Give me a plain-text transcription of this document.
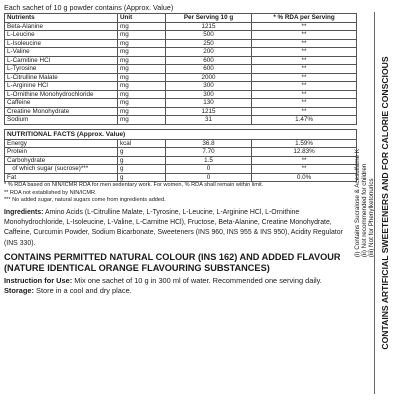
Each sachet of 10 g powder contains (Approx. Value)
Nutrients	Unit	Per Serving 10 g	* % RDA per Serving
Beta-Alanine	mg	1215	**
L-Leucine	mg	500	**
L-Isoleucine	mg	250	**
L-Valine	mg	200	**
L-Carnitine HCl	mg	600	**
L-Tyrosine	mg	600	**
L-Citrulline Malate	mg	2000	**
L-Arginine HCl	mg	300	**
L-Ornithine Monohydrochloride	mg	300	**
Caffeine	mg	130	**
Creatine Monohydrate	mg	1215	**
Sodium	mg	31	1.47%
NUTRITIONAL FACTS (Approx. Value)			
Energy	kcal	36.8	1.59%
Protein	g	7.70	12.83%
Carbohydrate	g	1.5	**
of which sugar (sucrose)***	g	0	**
Fat	g	0	0.0%
* % RDA based on NIN/ICMR RDA for men sedentary work. For women, % RDA shall remain within limit.
** RDA not established by NIN/ICMR.
*** No added sugar, natural sugars come from ingredients added.
Ingredients: Amino Acids (L-Citrulline Malate, L-Tyrosine, L-Leucine, L-Arginine HCl, L-Ornithine Monohydrochloride, L-Isoleucine, L-Valine, L-Carnitne HCl), Fructose, Beta-Alanine, Creatine Monohydrate, Caffeine, Curcumin Powder, Sodium Bicarbonate, Sweeteners (INS 960, INS 955 & INS 950), Acidity Regulator (INS 330).
CONTAINS PERMITTED NATURAL COLOUR (INS 162) AND ADDED FLAVOUR (NATURE IDENTICAL ORANGE FLAVOURING SUBSTANCES)
Instruction for Use: Mix one sachet of 10 g in 300 ml of water. Recommended one serving daily.
Storage: Store in a cool and dry place.
(i) Contains Sucralose & Acesulfame K (ii) Not recommended for children (iii) Not for Phenylketonurics CONTAINS ARTIFICIAL SWEETENERS AND FOR CALORIE CONSCIOUS
